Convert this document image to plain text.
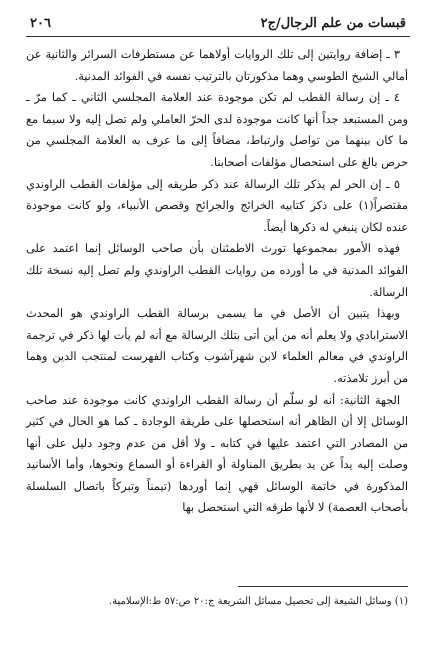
قبسات من علم الرجال/ج٢
٢٠٦

٣ ـ إضافة روايتين إلى تلك الروايات أولاهما عن مستطرفات السرائر والثانية عن أمالي الشيخ الطوسي وهما مذكورتان بالترتيب نفسه في الفوائد المدنية.

٤ ـ إن رسالة القطب لم تكن موجودة عند العلامة المجلسي الثاني ـ كما مرّ ـ ومن المستبعد جداً أنها كانت موجودة لدى الحرّ العاملي ولم تصل إليه ولا سيما مع ما كان بينهما من تواصل وارتباط، مضافاً إلى ما عرف به العلامة المجلسي من حرص بالغ على استحصال مؤلفات أصحابنا.

٥ ـ إن الحر لم يذكر تلك الرسالة عند ذكر طريقه إلى مؤلفات القطب الراوندي مقتصراً(١) على ذكر كتابيه الخرائج والجرائح وقصص الأنبياء، ولو كانت موجودة عنده لكان ينبغي له ذكرها أيضاً.

فهذه الأمور بمجموعها تورث الاطمئنان بأن صاحب الوسائل إنما اعتمد على الفوائد المدنية في ما أورده من روايات القطب الراوندي ولم تصل إليه نسخة تلك الرسالة.

وبهذا يتبين أن الأصل في ما يسمى برسالة القطب الراوندي هو المحدث الاسترابادي ولا يعلم أنه من أين أتى بتلك الرسالة مع أنه لم يأت لها ذكر في ترجمة الراوندي في معالم العلماء لابن شهرآشوب وكتاب الفهرست لمنتجب الدين وهما من أبرز تلامذته.

الجهة الثانية: أنه لو سلّم أن رسالة القطب الراوندي كانت موجودة عند صاحب الوسائل إلا أن الظاهر أنه استحصلها على طريقة الوجادة ـ كما هو الحال في كثير من المصادر التي اعتمد عليها في كتابه ـ ولا أقل من عدم وجود دليل على أنها وصلت إليه يداً عن يد بطريق المناولة أو القراءة أو السماع ونحوها، وأما الأسانيد المذكورة في خاتمة الوسائل فهي إنما أوردها (تيمناً وتبركاً باتصال السلسلة بأصحاب العصمة) لا لأنها طرقه التي استحصل بها

(١) وسائل الشيعة إلى تحصيل مسائل الشريعة ج:٢٠ ص:٥٧ ط:الإسلامية.
